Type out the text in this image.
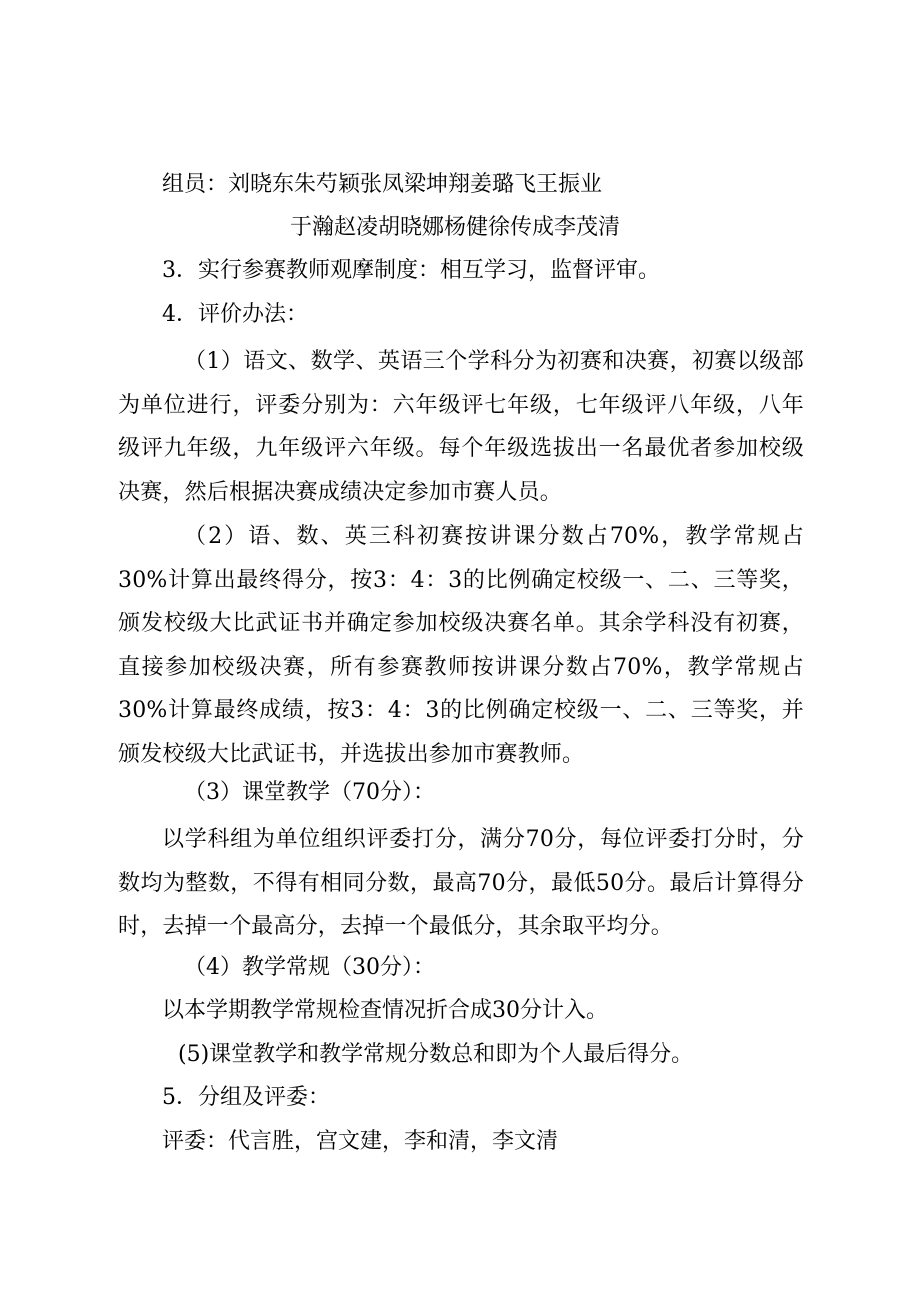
组员：刘晓东朱芍颖张凤梁坤翔姜璐飞王振业
于瀚赵凌胡晓娜杨健徐传成李茂清
3．实行参赛教师观摩制度：相互学习，监督评审。
4．评价办法：
（1）语文、数学、英语三个学科分为初赛和决赛，初赛以级部为单位进行，评委分别为：六年级评七年级，七年级评八年级，八年级评九年级，九年级评六年级。每个年级选拔出一名最优者参加校级决赛，然后根据决赛成绩决定参加市赛人员。
（2）语、数、英三科初赛按讲课分数占70%，教学常规占30%计算出最终得分，按3：4：3的比例确定校级一、二、三等奖，颁发校级大比武证书并确定参加校级决赛名单。其余学科没有初赛，直接参加校级决赛，所有参赛教师按讲课分数占70%，教学常规占30%计算最终成绩，按3：4：3的比例确定校级一、二、三等奖，并颁发校级大比武证书，并选拔出参加市赛教师。
（3）课堂教学（70分）：
以学科组为单位组织评委打分，满分70分，每位评委打分时，分数均为整数，不得有相同分数，最高70分，最低50分。最后计算得分时，去掉一个最高分，去掉一个最低分，其余取平均分。
（4）教学常规（30分）：
以本学期教学常规检查情况折合成30分计入。
(5)课堂教学和教学常规分数总和即为个人最后得分。
5．分组及评委：
评委：代言胜，宫文建，李和清，李文清
